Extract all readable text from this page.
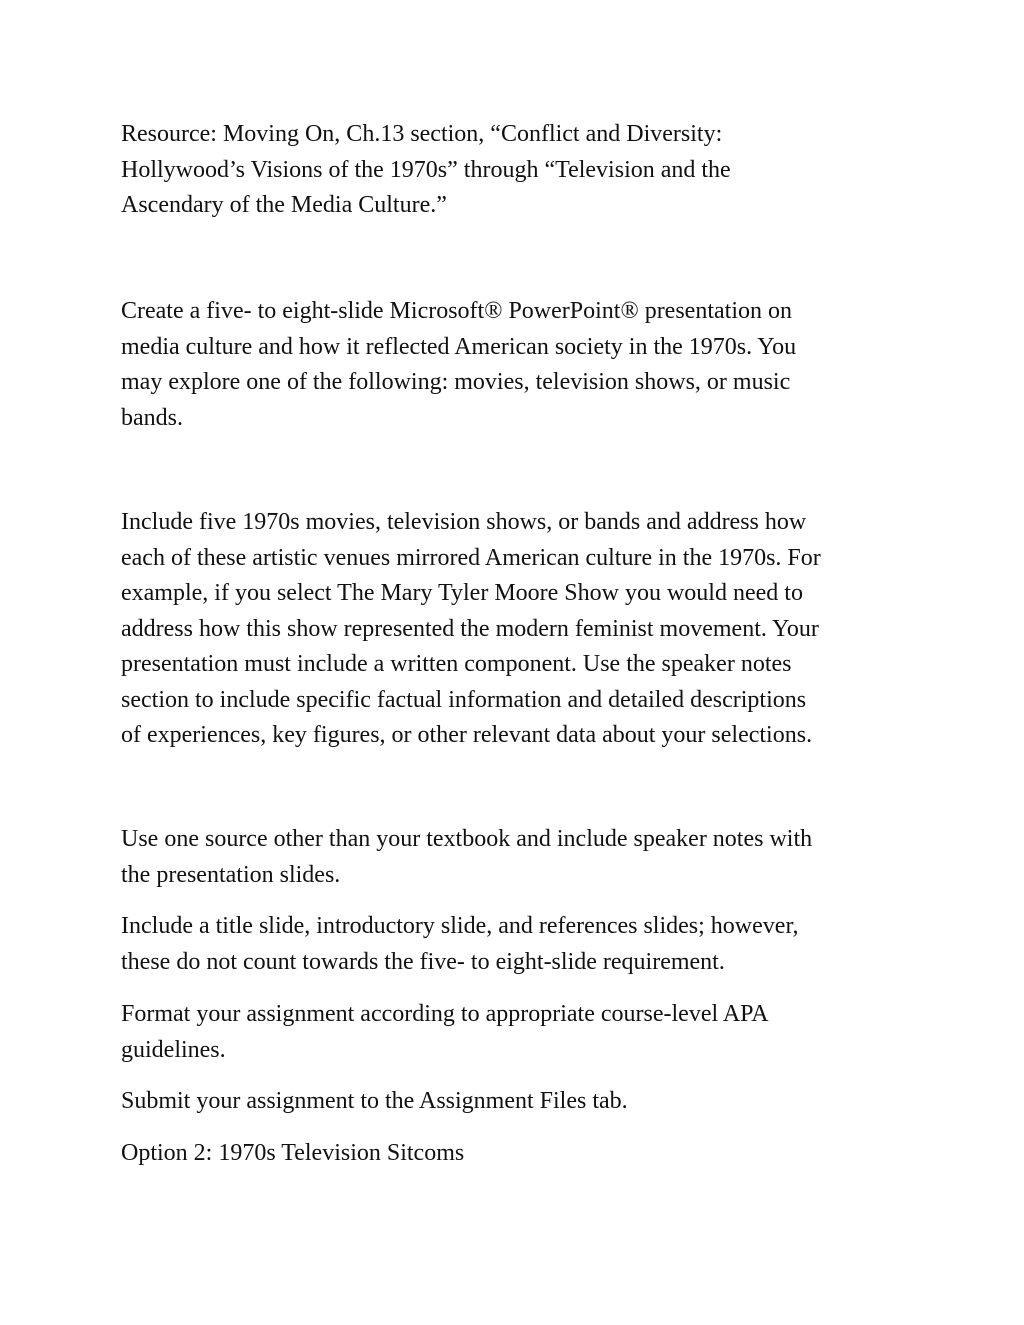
Resource: Moving On, Ch.13 section, “Conflict and Diversity:
Hollywood’s Visions of the 1970s” through “Television and the
Ascendary of the Media Culture.”

Create a five- to eight-slide Microsoft® PowerPoint® presentation on
media culture and how it reflected American society in the 1970s. You
may explore one of the following: movies, television shows, or music
bands.

Include five 1970s movies, television shows, or bands and address how
each of these artistic venues mirrored American culture in the 1970s. For
example, if you select The Mary Tyler Moore Show you would need to
address how this show represented the modern feminist movement. Your
presentation must include a written component. Use the speaker notes
section to include specific factual information and detailed descriptions
of experiences, key figures, or other relevant data about your selections.

Use one source other than your textbook and include speaker notes with
the presentation slides.

Include a title slide, introductory slide, and references slides; however,
these do not count towards the five- to eight-slide requirement.

Format your assignment according to appropriate course-level APA
guidelines.

Submit your assignment to the Assignment Files tab.

Option 2: 1970s Television Sitcoms
